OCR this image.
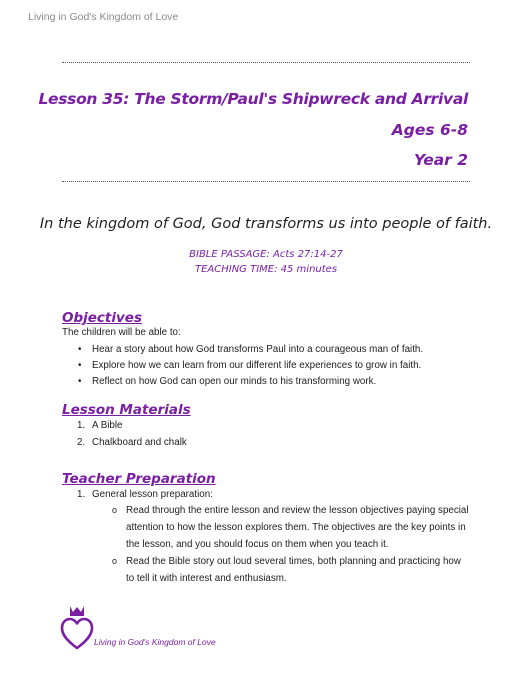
Living in God's Kingdom of Love
Lesson 35: The Storm/Paul's Shipwreck and Arrival
Ages 6-8
Year 2
In the kingdom of God, God transforms us into people of faith.
BIBLE PASSAGE: Acts 27:14-27
TEACHING TIME: 45 minutes
Objectives
The children will be able to:
• Hear a story about how God transforms Paul into a courageous man of faith.
• Explore how we can learn from our different life experiences to grow in faith.
• Reflect on how God can open our minds to his transforming work.
Lesson Materials
1. A Bible
2. Chalkboard and chalk
Teacher Preparation
1. General lesson preparation:
o Read through the entire lesson and review the lesson objectives paying special attention to how the lesson explores them. The objectives are the key points in the lesson, and you should focus on them when you teach it.
o Read the Bible story out loud several times, both planning and practicing how to tell it with interest and enthusiasm.
Living in God's Kingdom of Love
